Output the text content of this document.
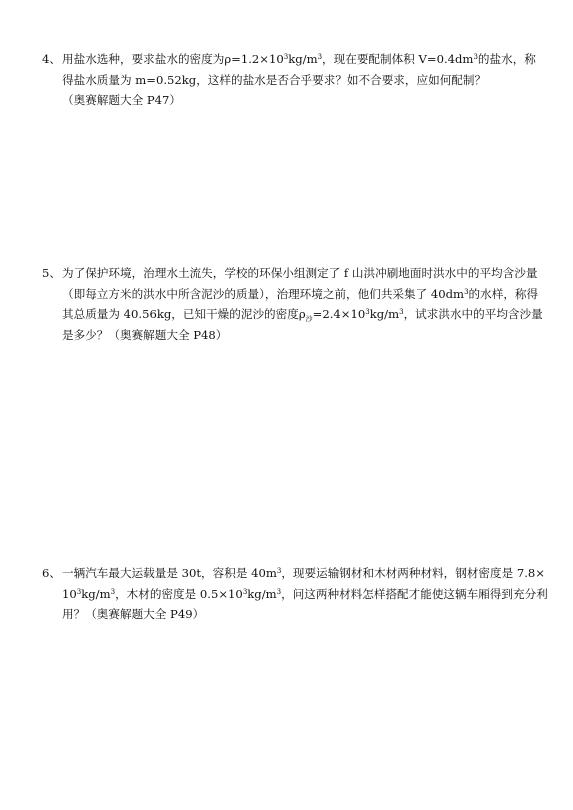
4、用盐水选种，要求盐水的密度为$\rho=1.2\times 10^3kg/m^3$，现在要配制体积 $V=0.4dm^3$的盐水，称
得盐水质量为 m=0.52kg，这样的盐水是否合乎要求？如不合要求，应如何配制？
（奥赛解题大全 P47）
5、为了保护环境，治理水土流失，学校的环保小组测定了 f 山洪冲刷地面时洪水中的平均含沙量
（即每立方米的洪水中所含泥沙的质量），治理环境之前，他们共采集了 $40dm^3$的水样，称得
其总质量为 40.56kg，已知干燥的泥沙的密度$\rho_沙=2.4\times 10^3kg/m^3$，试求洪水中的平均含沙量
是多少？（奥赛解题大全 P48）
6、一辆汽车最大运载量是 30t，容积是 $40m^3$，现要运输钢材和木材两种材料，钢材密度是 7.8×
$10^3kg/m^3$，木材的密度是 $0.5\times 10^3kg/m^3$，问这两种材料怎样搭配才能使这辆车厢得到充分利
用？（奥赛解题大全 P49）
